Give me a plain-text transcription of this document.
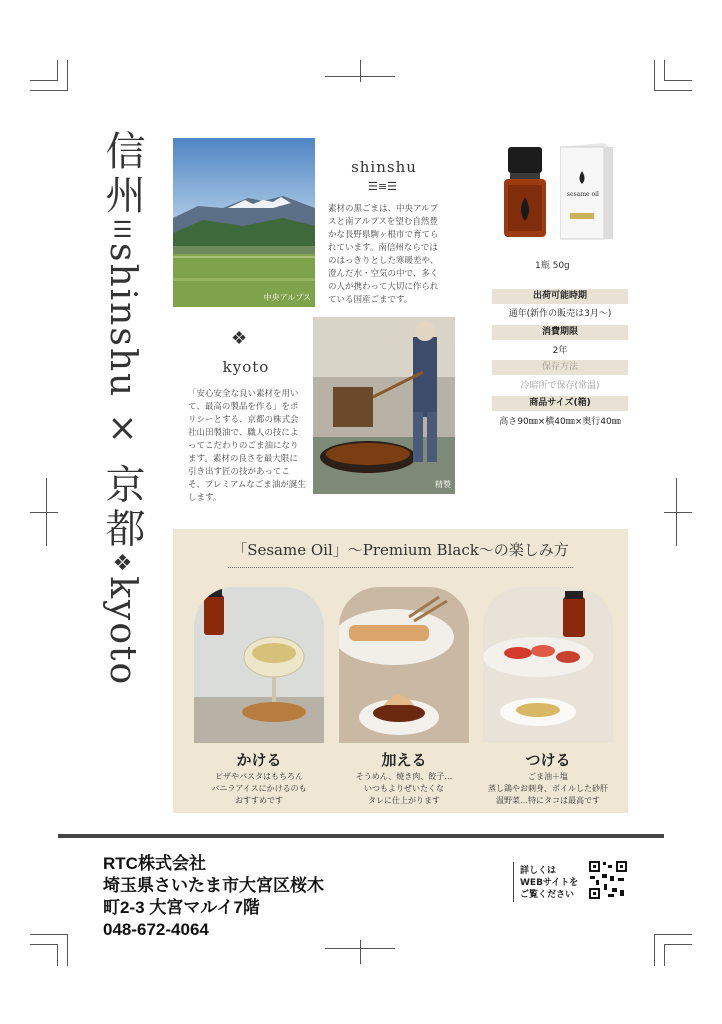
信州☰shinshu×京都❖kyoto
中央アルプス
shinshu
☰≡☰
素材の黒ごまは、中央アルプスと南アルプスを望む自然豊かな長野県駒ヶ根市で育てられています。南信州ならではのはっきりとした寒暖差や、澄んだ水・空気の中で、多くの人が携わって大切に作られている国産ごまです。
sesame oil
1瓶 50g
出荷可能時期
通年(新作の販売は3月〜)
消費期限
2年
保存方法
冷暗所で保存(常温)
商品サイズ(箱)
高さ90㎜×横40㎜×奥行40㎜
❖
kyoto
「安心安全な良い素材を用いて、最高の製品を作る」をポリシーとする、京都の株式会社山田製油で、職人の技によってこだわりのごま油になります。素材の良さを最大限に引き出す匠の技があってこそ、プレミアムなごま油が誕生します。
精製
「Sesame Oil」〜Premium Black〜の楽しみ方
かける	加える	つける
ピザやパスタはもちろん
バニラアイスにかけるのも
おすすめです
そうめん、焼き肉、餃子…
いつもよりぜいたくな
タレに仕上がります
ごま油＋塩
蒸し鶏やお刺身、ボイルした砂肝
温野菜…特にタコは最高です
RTC株式会社
埼玉県さいたま市大宮区桜木
町2-3 大宮マルイ7階
048-672-4064
詳しくは
WEBサイトを
ご覧ください
